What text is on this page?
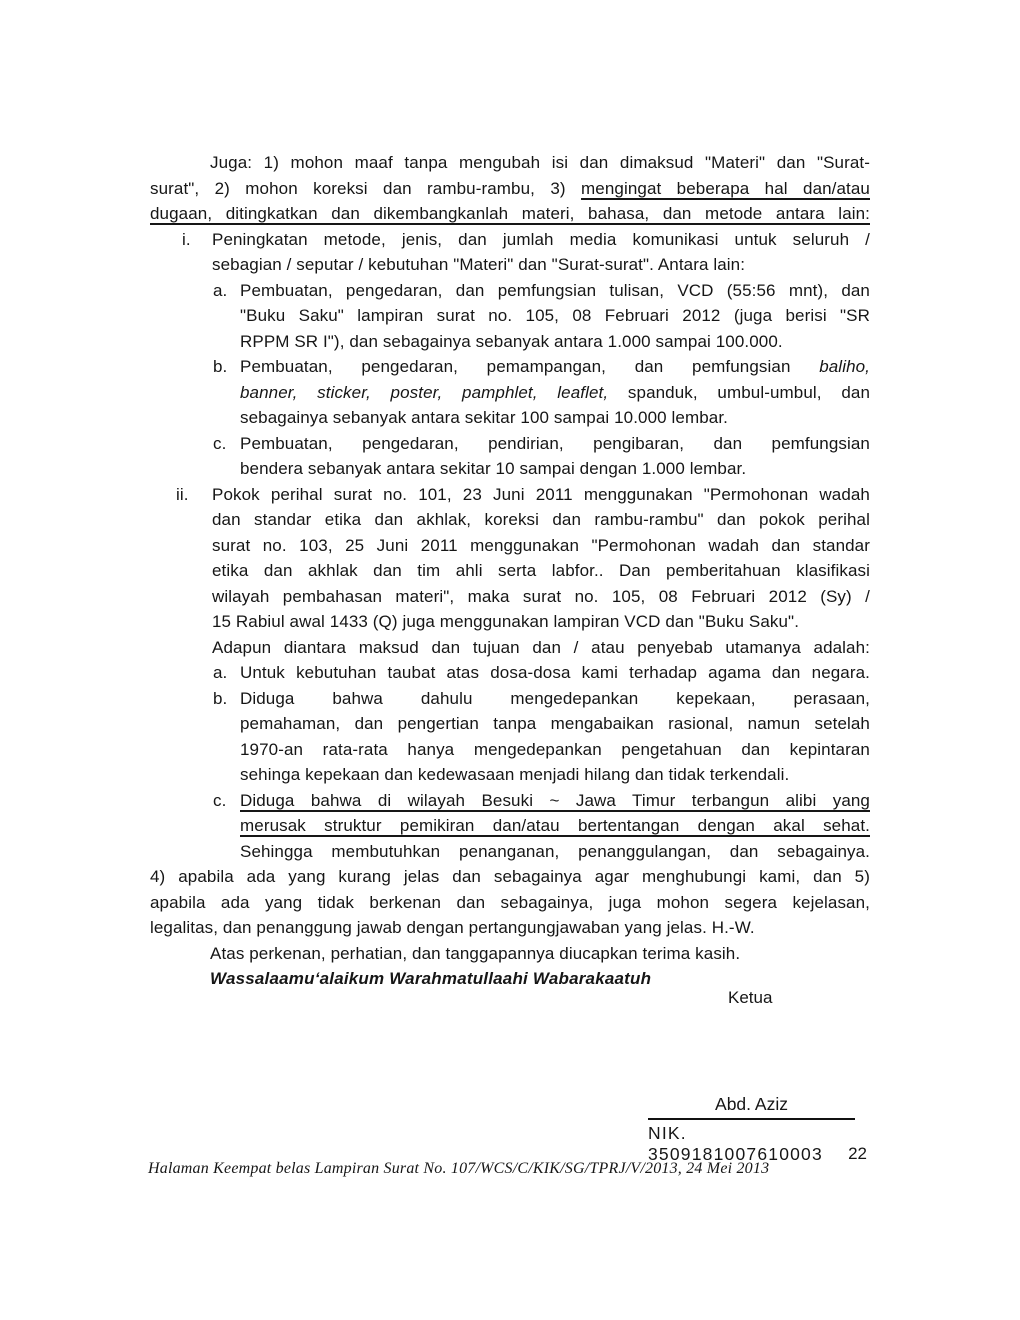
Juga: 1) mohon maaf tanpa mengubah isi dan dimaksud "Materi" dan "Surat-
surat", 2) mohon koreksi dan rambu-rambu, 3) mengingat beberapa hal dan/atau
dugaan, ditingkatkan dan dikembangkanlah materi, bahasa, dan metode antara lain:
i. Peningkatan metode, jenis, dan jumlah media komunikasi untuk seluruh /
sebagian / seputar / kebutuhan "Materi" dan "Surat-surat". Antara lain:
a. Pembuatan, pengedaran, dan pemfungsian tulisan, VCD (55:56 mnt), dan
"Buku Saku" lampiran surat no. 105, 08 Februari 2012 (juga berisi "SR
RPPM SR I"), dan sebagainya sebanyak antara 1.000 sampai 100.000.
b. Pembuatan, pengedaran, pemampangan, dan pemfungsian baliho,
banner, sticker, poster, pamphlet, leaflet, spanduk, umbul-umbul, dan
sebagainya sebanyak antara sekitar 100 sampai 10.000 lembar.
c. Pembuatan, pengedaran, pendirian, pengibaran, dan pemfungsian
bendera sebanyak antara sekitar 10 sampai dengan 1.000 lembar.
ii. Pokok perihal surat no. 101, 23 Juni 2011 menggunakan "Permohonan wadah
dan standar etika dan akhlak, koreksi dan rambu-rambu" dan pokok perihal
surat no. 103, 25 Juni 2011 menggunakan "Permohonan wadah dan standar
etika dan akhlak dan tim ahli serta labfor.. Dan pemberitahuan klasifikasi
wilayah pembahasan materi", maka surat no. 105, 08 Februari 2012 (Sy) /
15 Rabiul awal 1433 (Q) juga menggunakan lampiran VCD dan "Buku Saku".
Adapun diantara maksud dan tujuan dan / atau penyebab utamanya adalah:
a. Untuk kebutuhan taubat atas dosa-dosa kami terhadap agama dan negara.
b. Diduga bahwa dahulu mengedepankan kepekaan, perasaan,
pemahaman, dan pengertian tanpa mengabaikan rasional, namun setelah
1970-an rata-rata hanya mengedepankan pengetahuan dan kepintaran
sehinga kepekaan dan kedewasaan menjadi hilang dan tidak terkendali.
c. Diduga bahwa di wilayah Besuki ~ Jawa Timur terbangun alibi yang
merusak struktur pemikiran dan/atau bertentangan dengan akal sehat.
Sehingga membutuhkan penanganan, penanggulangan, dan sebagainya.
4) apabila ada yang kurang jelas dan sebagainya agar menghubungi kami, dan 5)
apabila ada yang tidak berkenan dan sebagainya, juga mohon segera kejelasan,
legalitas, dan penanggung jawab dengan pertangungjawaban yang jelas. H.-W.
Atas perkenan, perhatian, dan tanggapannya diucapkan terima kasih.
Wassalaamu‘alaikum Warahmatullaahi Wabarakaatuh
Ketua
Abd. Aziz
NIK. 3509181007610003	22
Halaman Keempat belas Lampiran Surat No. 107/WCS/C/KIK/SG/TPRJ/V/2013, 24 Mei 2013
